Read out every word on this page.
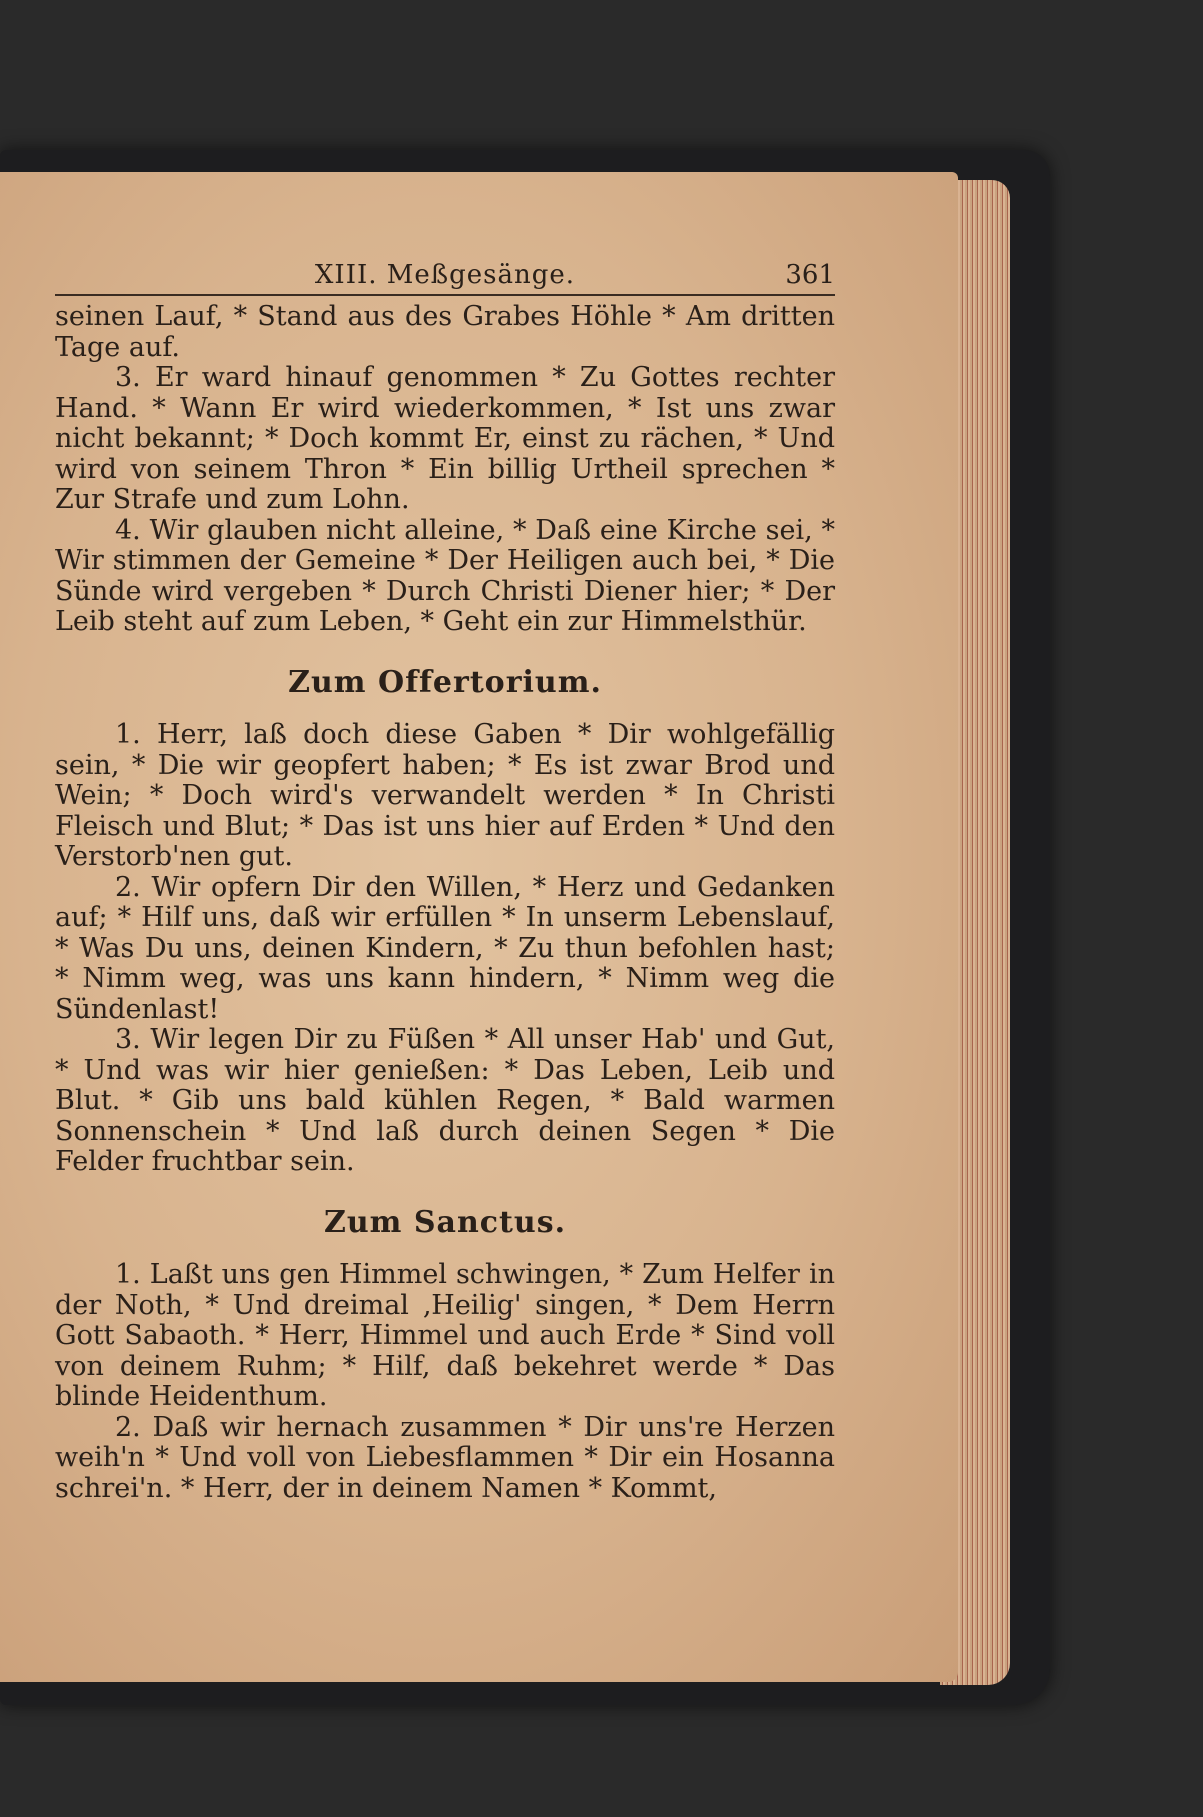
XIII. Meßgesänge.	361

seinen Lauf, * Stand aus des Grabes Höhle * Am dritten Tage auf.

3. Er ward hinauf genommen * Zu Gottes rechter Hand. * Wann Er wird wiederkommen, * Ist uns zwar nicht bekannt; * Doch kommt Er, einst zu rächen, * Und wird von seinem Thron * Ein billig Urtheil sprechen * Zur Strafe und zum Lohn.

4. Wir glauben nicht alleine, * Daß eine Kirche sei, * Wir stimmen der Gemeine * Der Heiligen auch bei, * Die Sünde wird vergeben * Durch Christi Diener hier; * Der Leib steht auf zum Leben, * Geht ein zur Himmelsthür.

Zum Offertorium.

1. Herr, laß doch diese Gaben * Dir wohlgefällig sein, * Die wir geopfert haben; * Es ist zwar Brod und Wein; * Doch wird's verwandelt werden * In Christi Fleisch und Blut; * Das ist uns hier auf Erden * Und den Verstorb'nen gut.

2. Wir opfern Dir den Willen, * Herz und Gedanken auf; * Hilf uns, daß wir erfüllen * In unserm Lebenslauf, * Was Du uns, deinen Kindern, * Zu thun befohlen hast; * Nimm weg, was uns kann hindern, * Nimm weg die Sündenlast!

3. Wir legen Dir zu Füßen * All unser Hab' und Gut, * Und was wir hier genießen: * Das Leben, Leib und Blut. * Gib uns bald kühlen Regen, * Bald warmen Sonnenschein * Und laß durch deinen Segen * Die Felder fruchtbar sein.

Zum Sanctus.

1. Laßt uns gen Himmel schwingen, * Zum Helfer in der Noth, * Und dreimal ‚Heilig' singen, * Dem Herrn Gott Sabaoth. * Herr, Himmel und auch Erde * Sind voll von deinem Ruhm; * Hilf, daß bekehret werde * Das blinde Heidenthum.

2. Daß wir hernach zusammen * Dir uns're Herzen weih'n * Und voll von Liebesflammen * Dir ein Hosanna schrei'n. * Herr, der in deinem Namen * Kommt,
